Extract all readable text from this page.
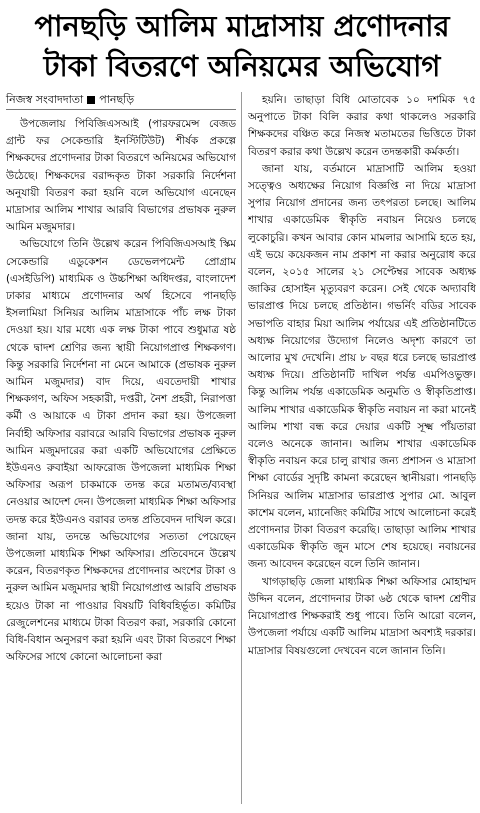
পানছড়ি আলিম মাদ্রাসায় প্রণোদনার
টাকা বিতরণে অনিয়মের অভিযোগ
নিজস্ব সংবাদদাতা পানছড়ি

উপজেলায় পিবিজিএসআই (পারফরমেন্স বেজড গ্রান্ট ফর সেকেন্ডারি ইনস্টিটিউট) শীর্ষক প্রকল্পে শিক্ষকদের প্রণোদনার টাকা বিতরণে অনিয়মের অভিযোগ উঠেছে। শিক্ষকদের বরাদ্দকৃত টাকা সরকারি নির্দেশনা অনুযায়ী বিতরণ করা হয়নি বলে অভিযোগ এনেছেন মাদ্রাসার আলিম শাখার আরবি বিভাগের প্রভাষক নুরুল আমিন মজুমদার।

অভিযোগে তিনি উল্লেখ করেন পিবিজিএসআই স্কিম সেকেন্ডারি এডুকেশন ডেভেলপমেন্ট প্রোগ্রাম (এসইডিপি) মাধ্যমিক ও উচ্চশিক্ষা অধিদপ্তর, বাংলাদেশ ঢাকার মাধ্যমে প্রণোদনার অর্থ হিসেবে পানছড়ি ইসলামিয়া সিনিয়র আলিম মাদ্রাসাকে পাঁচ লক্ষ টাকা দেওয়া হয়। যার মধ্যে এক লক্ষ টাকা পাবে শুধুমাত্র ষষ্ঠ থেকে দ্বাদশ শ্রেণির জন্য স্থায়ী নিয়োগপ্রাপ্ত শিক্ষকগণ। কিন্তু সরকারি নির্দেশনা না মেনে আমাকে (প্রভাষক নুরুল আমিন মজুমদার) বাদ দিয়ে, এবতেদায়ী শাখার শিক্ষকগণ, অফিস সহকারী, দপ্তরী, নৈশ প্রহরী, নিরাপত্তা কর্মী ও আয়াকে এ টাকা প্রদান করা হয়। উপজেলা নির্বাহী অফিসার বরাবরে আরবি বিভাগের প্রভাষক নুরুল আমিন মজুমদারের করা একটি অভিযোগের প্রেক্ষিতে ইউএনও রুবাইয়া আফরোজ উপজেলা মাধ্যমিক শিক্ষা অফিসার অরূপ চাকমাকে তদন্ত করে মতামত/ব্যবস্থা নেওয়ার আদেশ দেন। উপজেলা মাধ্যমিক শিক্ষা অফিসার তদন্ত করে ইউএনও বরাবর তদন্ত প্রতিবেদন দাখিল করে। জানা যায়, তদন্তে অভিযোগের সত্যতা পেয়েছেন উপজেলা মাধ্যমিক শিক্ষা অফিসার। প্রতিবেদনে উল্লেখ করেন, বিতরণকৃত শিক্ষকদের প্রণোদনার অংশের টাকা ও নুরুল আমিন মজুমদার স্থায়ী নিয়োগপ্রাপ্ত আরবি প্রভাষক হয়েও টাকা না পাওয়ার বিষয়টি বিধিবহির্ভূত। কমিটির রেজুলেশনের মাধ্যমে টাকা বিতরণ করা, সরকারি কোনো বিধি-বিধান অনুসরণ করা হয়নি এবং টাকা বিতরণে শিক্ষা অফিসের সাথে কোনো আলোচনা করা

হয়নি। তাছাড়া বিধি মোতাবেক ১০ দশমিক ৭৫ অনুপাতে টাকা বিলি করার কথা থাকলেও সরকারি শিক্ষকদের বঞ্চিত করে নিজস্ব মতামতের ভিত্তিতে টাকা বিতরণ করার কথা উল্লেখ করেন তদন্তকারী কর্মকর্তা।

জানা যায়, বর্তমানে মাদ্রাসাটি আলিম হওয়া সত্ত্বেও অধ্যক্ষের নিয়োগ বিজ্ঞপ্তি না দিয়ে মাদ্রাসা সুপার নিয়োগ প্রদানের জন্য তৎপরতা চলছে। আলিম শাখার একাডেমিক স্বীকৃতি নবায়ন নিয়েও চলছে লুকোচুরি। কখন আবার কোন মামলার আসামি হতে হয়, এই ভয়ে কয়েকজন নাম প্রকাশ না করার অনুরোধ করে বলেন, ২০১৫ সালের ২১ সেপ্টেম্বর সাবেক অধ্যক্ষ জাকির হোসাইন মৃত্যুবরণ করেন। সেই থেকে অদ্যাবধি ভারপ্রাপ্ত দিয়ে চলছে প্রতিষ্ঠান। গভর্নিং বডির সাবেক সভাপতি বাহার মিয়া আলিম পর্যায়ের এই প্রতিষ্ঠানটিতে অধ্যক্ষ নিয়োগের উদ্যোগ নিলেও অদৃশ্য কারণে তা আলোর মুখ দেখেনি। প্রায় ৮ বছর ধরে চলছে ভারপ্রাপ্ত অধ্যক্ষ দিয়ে। প্রতিষ্ঠানটি দাখিল পর্যন্ত এমপিওভুক্ত। কিন্তু আলিম পর্যন্ত একাডেমিক অনুমতি ও স্বীকৃতিপ্রাপ্ত। আলিম শাখার একাডেমিক স্বীকৃতি নবায়ন না করা মানেই আলিম শাখা বন্ধ করে দেয়ার একটি সূক্ষ্ম পাঁয়তারা বলেও অনেকে জানান। আলিম শাখার একাডেমিক স্বীকৃতি নবায়ন করে চালু রাখার জন্য প্রশাসন ও মাদ্রাসা শিক্ষা বোর্ডের সুদৃষ্টি কামনা করেছেন স্থানীয়রা। পানছড়ি সিনিয়র আলিম মাদ্রাসার ভারপ্রাপ্ত সুপার মো. আবুল কাশেম বলেন, ম্যানেজিং কমিটির সাথে আলোচনা করেই প্রণোদনার টাকা বিতরণ করেছি। তাছাড়া আলিম শাখার একাডেমিক স্বীকৃতি জুন মাসে শেষ হয়েছে। নবায়নের জন্য আবেদন করেছেন বলে তিনি জানান।

খাগড়াছড়ি জেলা মাধ্যমিক শিক্ষা অফিসার মোহাম্মদ উদ্দিন বলেন, প্রণোদনার টাকা ৬ষ্ঠ থেকে দ্বাদশ শ্রেণীর নিয়োগপ্রাপ্ত শিক্ষকরাই শুধু পাবে। তিনি আরো বলেন, উপজেলা পর্যায়ে একটি আলিম মাদ্রাসা অবশ্যই দরকার। মাদ্রাসার বিষয়গুলো দেখবেন বলে জানান তিনি।
